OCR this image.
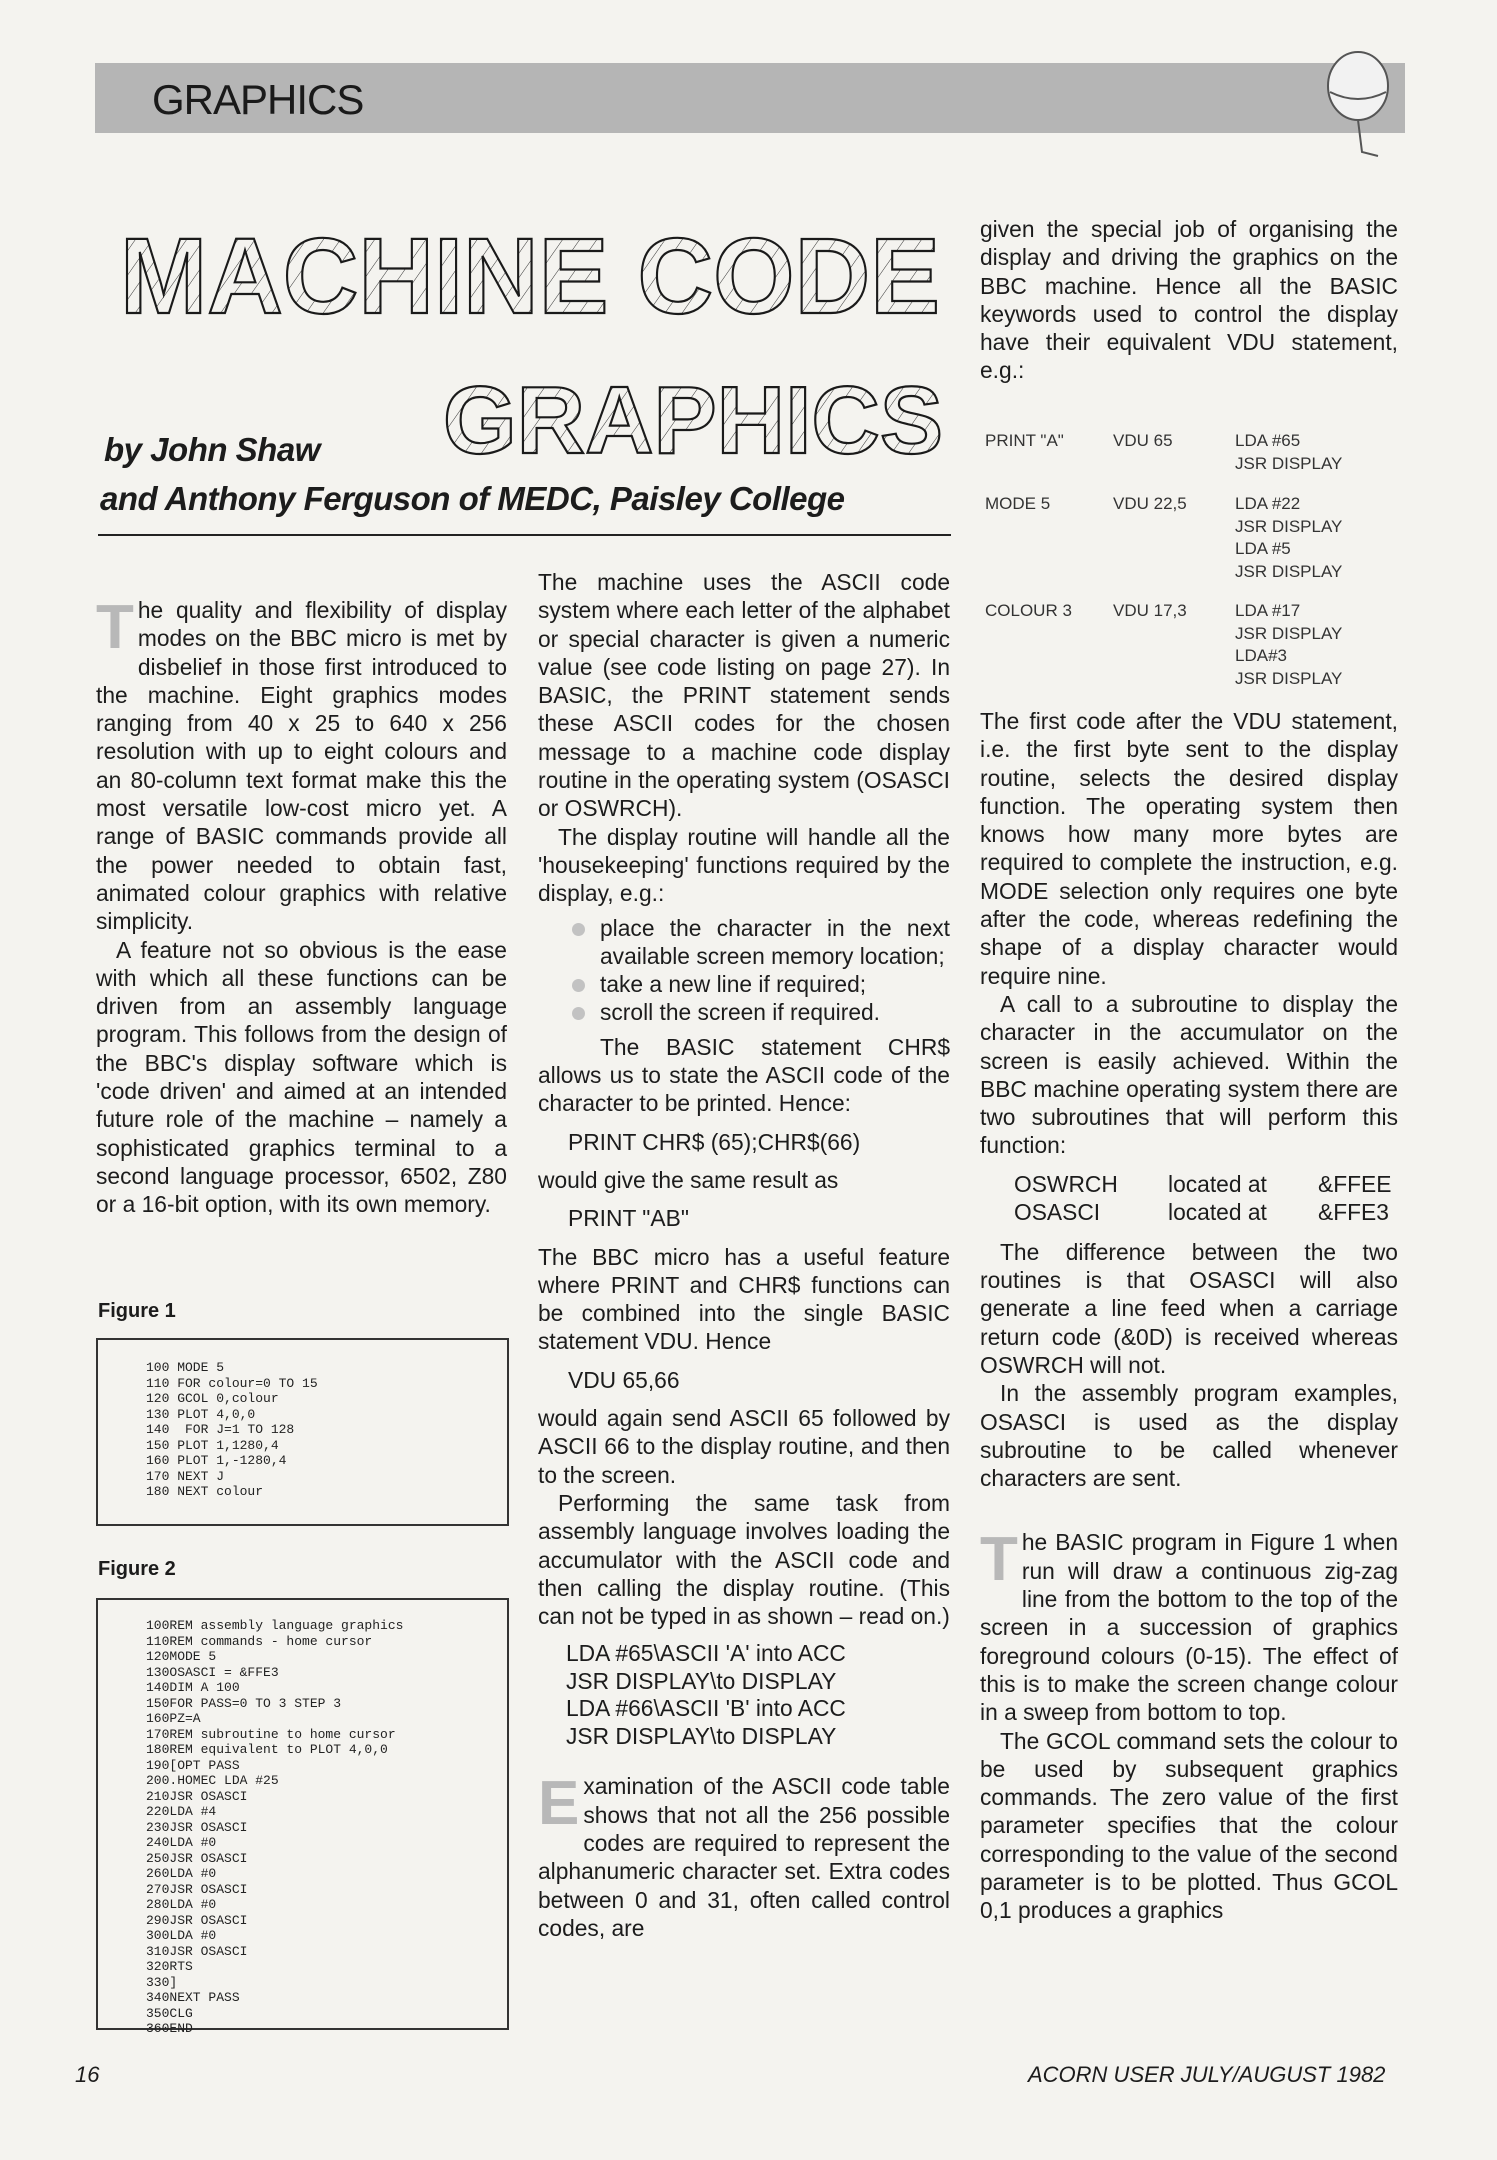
GRAPHICS
MACHINE CODE
GRAPHICS
by John Shaw
and Anthony Ferguson of MEDC, Paisley College

The quality and flexibility of display modes on the BBC micro is met by disbelief in those first introduced to the machine. Eight graphics modes ranging from 40 x 25 to 640 x 256 resolution with up to eight colours and an 80-column text format make this the most versatile low-cost micro yet. A range of BASIC commands provide all the power needed to obtain fast, animated colour graphics with relative simplicity.

A feature not so obvious is the ease with which all these functions can be driven from an assembly language program. This follows from the design of the BBC's display software which is 'code driven' and aimed at an intended future role of the machine – namely a sophisticated graphics terminal to a second language processor, 6502, Z80 or a 16-bit option, with its own memory.

Figure 1
100 MODE 5
110 FOR colour=0 TO 15
120 GCOL 0,colour
130 PLOT 4,0,0
140  FOR J=1 TO 128
150 PLOT 1,1280,4
160 PLOT 1,-1280,4
170 NEXT J
180 NEXT colour
Figure 2
100REM assembly language graphics
110REM commands - home cursor
120MODE 5
130OSASCI = &FFE3
140DIM A 100
150FOR PASS=0 TO 3 STEP 3
160PZ=A
170REM subroutine to home cursor
180REM equivalent to PLOT 4,0,0
190[OPT PASS
200.HOMEC LDA #25
210JSR OSASCI
220LDA #4
230JSR OSASCI
240LDA #0
250JSR OSASCI
260LDA #0
270JSR OSASCI
280LDA #0
290JSR OSASCI
300LDA #0
310JSR OSASCI
320RTS
330]
340NEXT PASS
350CLG
360END

The machine uses the ASCII code system where each letter of the alphabet or special character is given a numeric value (see code listing on page 27). In BASIC, the PRINT statement sends these ASCII codes for the chosen message to a machine code display routine in the operating system (OSASCI or OSWRCH).

The display routine will handle all the 'housekeeping' functions required by the display, e.g.:

place the character in the next available screen memory location;
take a new line if required;
scroll the screen if required.

The BASIC statement CHR$ allows us to state the ASCII code of the character to be printed. Hence:

PRINT CHR$ (65);CHR$(66)

would give the same result as

PRINT "AB"

The BBC micro has a useful feature where PRINT and CHR$ functions can be combined into the single BASIC statement VDU. Hence

VDU 65,66

would again send ASCII 65 followed by ASCII 66 to the display routine, and then to the screen.

Performing the same task from assembly language involves loading the accumulator with the ASCII code and then calling the display routine. (This can not be typed in as shown – read on.)

LDA #65\ASCII 'A' into ACC
JSR DISPLAY\to DISPLAY
LDA #66\ASCII 'B' into ACC
JSR DISPLAY\to DISPLAY

Examination of the ASCII code table shows that not all the 256 possible codes are required to represent the alphanumeric character set. Extra codes between 0 and 31, often called control codes, are

given the special job of organising the display and driving the graphics on the BBC machine. Hence all the BASIC keywords used to control the display have their equivalent VDU statement, e.g.:

PRINT "A"	VDU 65	LDA #65
JSR DISPLAY
MODE 5	VDU 22,5	LDA #22
JSR DISPLAY
LDA #5
JSR DISPLAY
COLOUR 3 VDU 17,3	LDA #17
JSR DISPLAY
LDA#3
JSR DISPLAY

The first code after the VDU statement, i.e. the first byte sent to the display routine, selects the desired display function. The operating system then knows how many more bytes are required to complete the instruction, e.g. MODE selection only requires one byte after the code, whereas redefining the shape of a display character would require nine.

A call to a subroutine to display the character in the accumulator on the screen is easily achieved. Within the BBC machine operating system there are two subroutines that will perform this function:

OSWRCH located at &FFEE
OSASCI	located at &FFE3

The difference between the two routines is that OSASCI will also generate a line feed when a carriage return code (&0D) is received whereas OSWRCH will not.

In the assembly program examples, OSASCI is used as the display subroutine to be called whenever characters are sent.

The BASIC program in Figure 1 when run will draw a continuous zig-zag line from the bottom to the top of the screen in a succession of graphics foreground colours (0-15). The effect of this is to make the screen change colour in a sweep from bottom to top.

The GCOL command sets the colour to be used by subsequent graphics commands. The zero value of the first parameter specifies that the colour corresponding to the value of the second parameter is to be plotted. Thus GCOL 0,1 produces a graphics

16	ACORN USER JULY/AUGUST 1982
